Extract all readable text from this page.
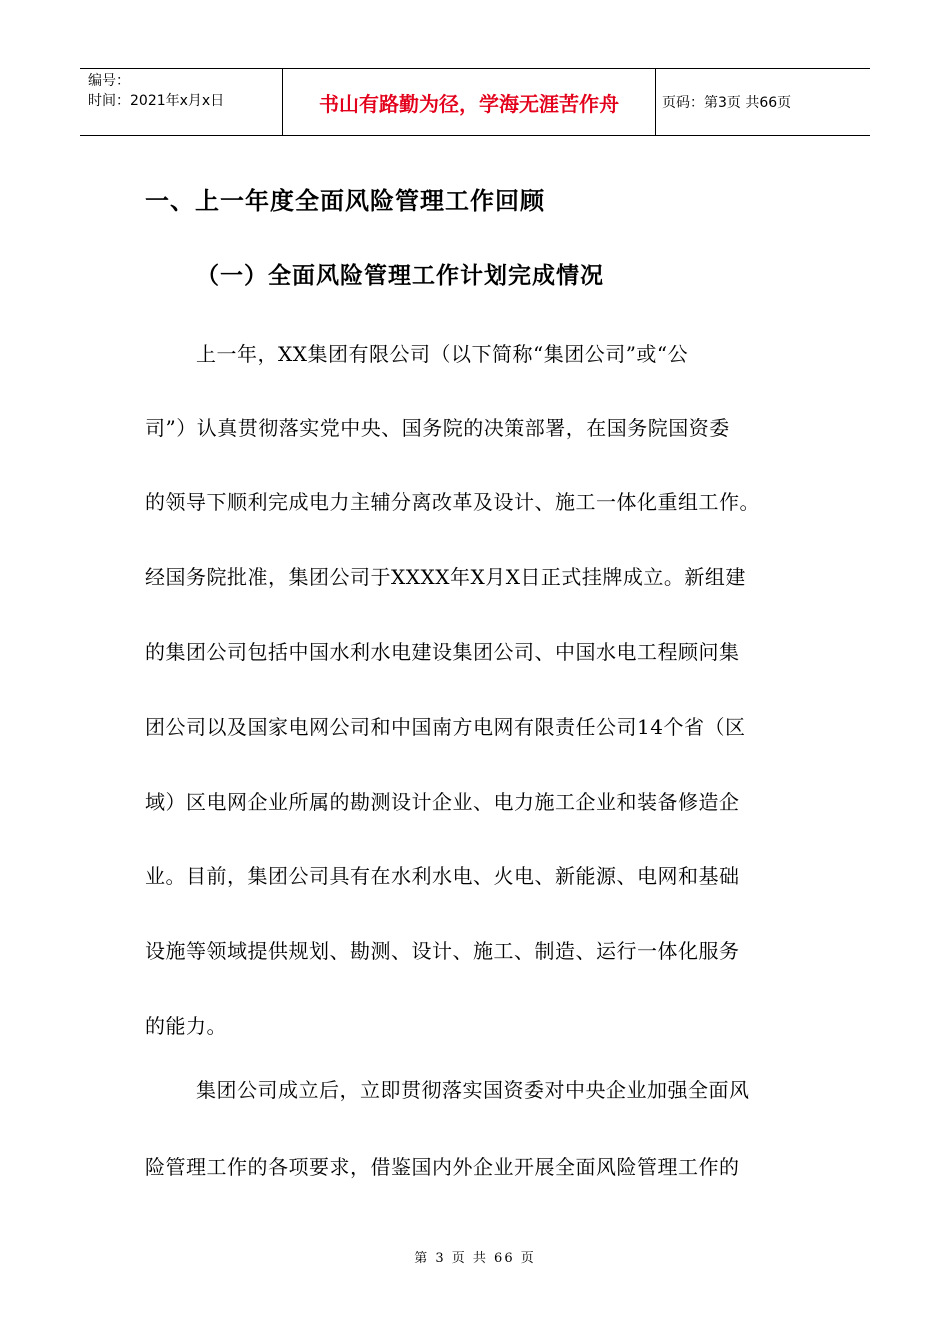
编号：
时间：2021年x月x日	书山有路勤为径，学海无涯苦作舟	页码：第3页 共66页
一、上一年度全面风险管理工作回顾
（一）全面风险管理工作计划完成情况
上一年，XX集团有限公司（以下简称“集团公司”或“公
司”）认真贯彻落实党中央、国务院的决策部署，在国务院国资委
的领导下顺利完成电力主辅分离改革及设计、施工一体化重组工作。
经国务院批准，集团公司于XXXX年X月X日正式挂牌成立。新组建
的集团公司包括中国水利水电建设集团公司、中国水电工程顾问集
团公司以及国家电网公司和中国南方电网有限责任公司14个省（区
域）区电网企业所属的勘测设计企业、电力施工企业和装备修造企
业。目前，集团公司具有在水利水电、火电、新能源、电网和基础
设施等领域提供规划、勘测、设计、施工、制造、运行一体化服务
的能力。
集团公司成立后，立即贯彻落实国资委对中央企业加强全面风
险管理工作的各项要求，借鉴国内外企业开展全面风险管理工作的
第 3 页 共 66 页
